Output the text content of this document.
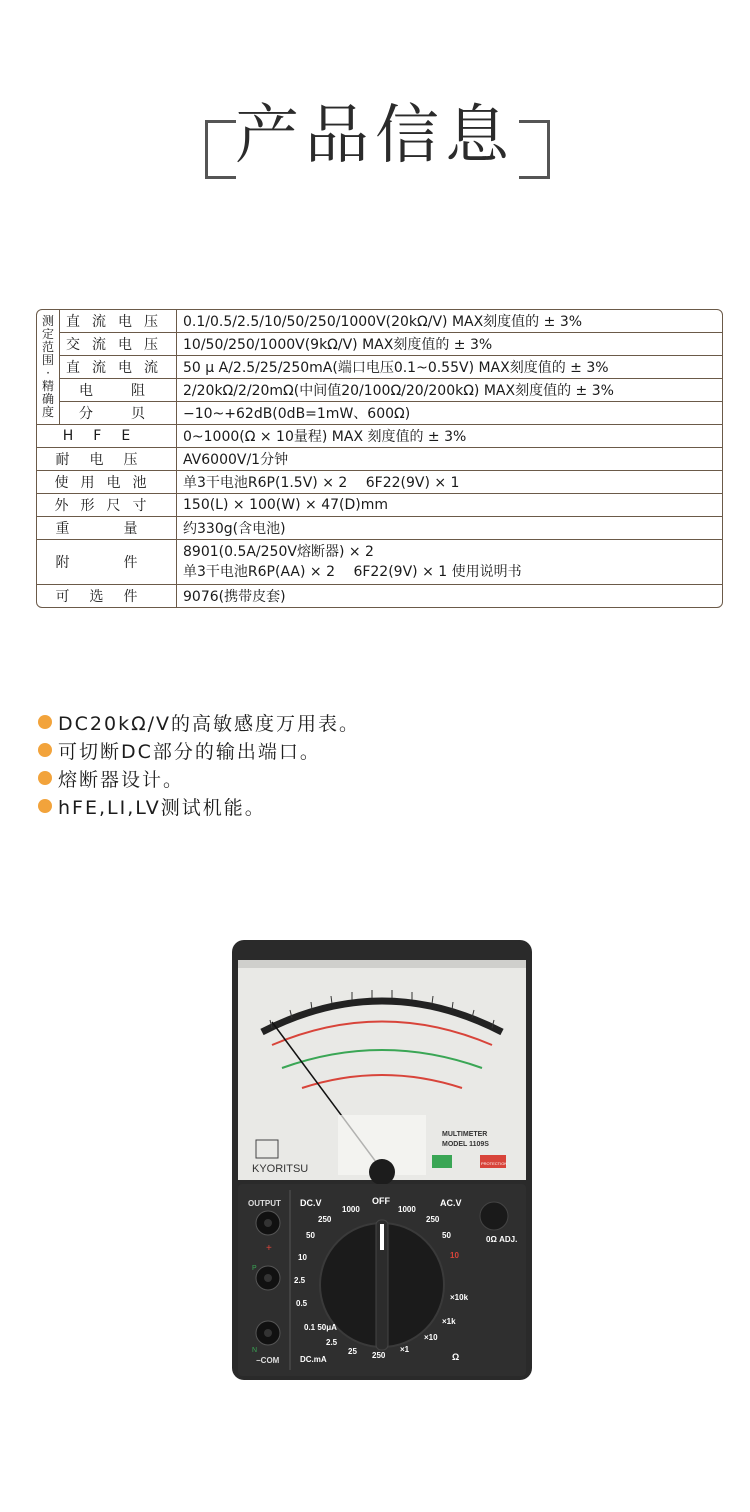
产品信息
测定范围·精确度	直流电压	0.1/0.5/2.5/10/50/250/1000V(20kΩ/V) MAX刻度值的 ± 3%
	交流电压	10/50/250/1000V(9kΩ/V) MAX刻度值的 ± 3%
	直流电流	50 μ A/2.5/25/250mA(端口电压0.1~0.55V) MAX刻度值的 ± 3%
	电　阻	2/20kΩ/2/20mΩ(中间值20/100Ω/20/200kΩ) MAX刻度值的 ± 3%
	分　贝	−10~+62dB(0dB=1mW、600Ω)
HFE		0~1000(Ω × 10量程) MAX 刻度值的 ± 3%
耐电压		AV6000V/1分钟
使用电池		单3干电池R6P(1.5V) × 2　 6F22(9V) × 1
外形尺寸		150(L) × 100(W) × 47(D)mm
重　量		约330g(含电池)
附　件		8901(0.5A/250V熔断器) × 2
单3干电池R6P(AA) × 2　 6F22(9V) × 1 使用说明书

可选件		9076(携带皮套)
DC20kΩ/V的高敏感度万用表。
可切断DC部分的输出端口。
熔断器设计。
hFE,LI,LV测试机能。
KYORITSU
MULTIMETER
MODEL 1109S
PROTECTION
OUTPUT
+
P
N
−COM
DC.V	AC.V
OFF
DC.mA	Ω
0Ω ADJ.
1000
250
50
10
2.5
0.5
0.1 50μA
2.5
25 250
×1
×10
×1k
×10k
10
50
250
1000
